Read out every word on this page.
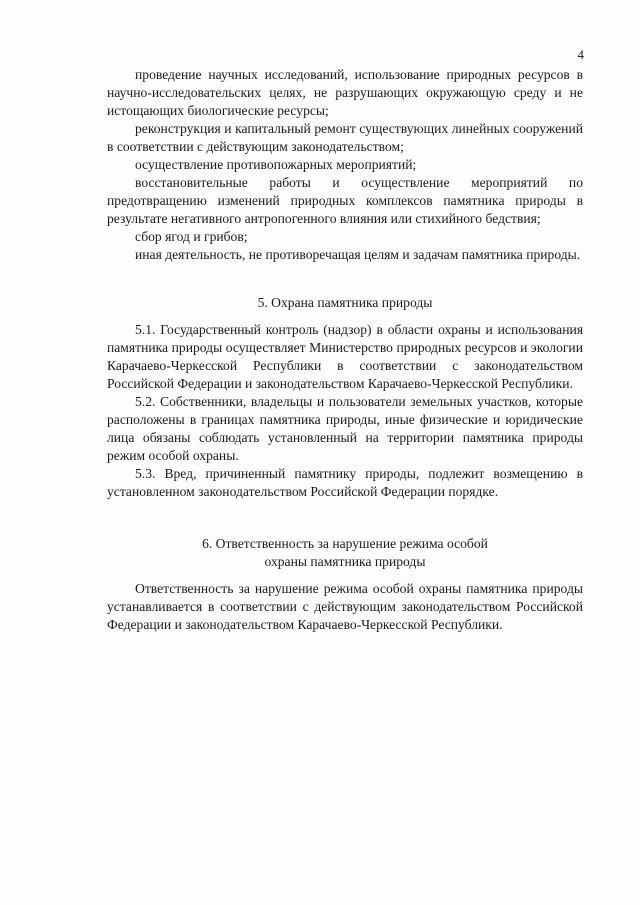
4

проведение научных исследований, использование природных ресурсов в научно-исследовательских целях, не разрушающих окружающую среду и не истощающих биологические ресурсы;

реконструкция и капитальный ремонт существующих линейных сооружений в соответствии с действующим законодательством;

осуществление противопожарных мероприятий;

восстановительные работы и осуществление мероприятий по предотвращению изменений природных комплексов памятника природы в результате негативного антропогенного влияния или стихийного бедствия;

сбор ягод и грибов;

иная деятельность, не противоречащая целям и задачам памятника природы.

5. Охрана памятника природы

5.1. Государственный контроль (надзор) в области охраны и использования памятника природы осуществляет Министерство природных ресурсов и экологии Карачаево-Черкесской Республики в соответствии с законодательством Российской Федерации и законодательством Карачаево-Черкесской Республики.

5.2. Собственники, владельцы и пользователи земельных участков, которые расположены в границах памятника природы, иные физические и юридические лица обязаны соблюдать установленный на территории памятника природы режим особой охраны.

5.3. Вред, причиненный памятнику природы, подлежит возмещению в установленном законодательством Российской Федерации порядке.

6. Ответственность за нарушение режима особой
охраны памятника природы

Ответственность за нарушение режима особой охраны памятника природы устанавливается в соответствии с действующим законодательством Российской Федерации и законодательством Карачаево-Черкесской Республики.
